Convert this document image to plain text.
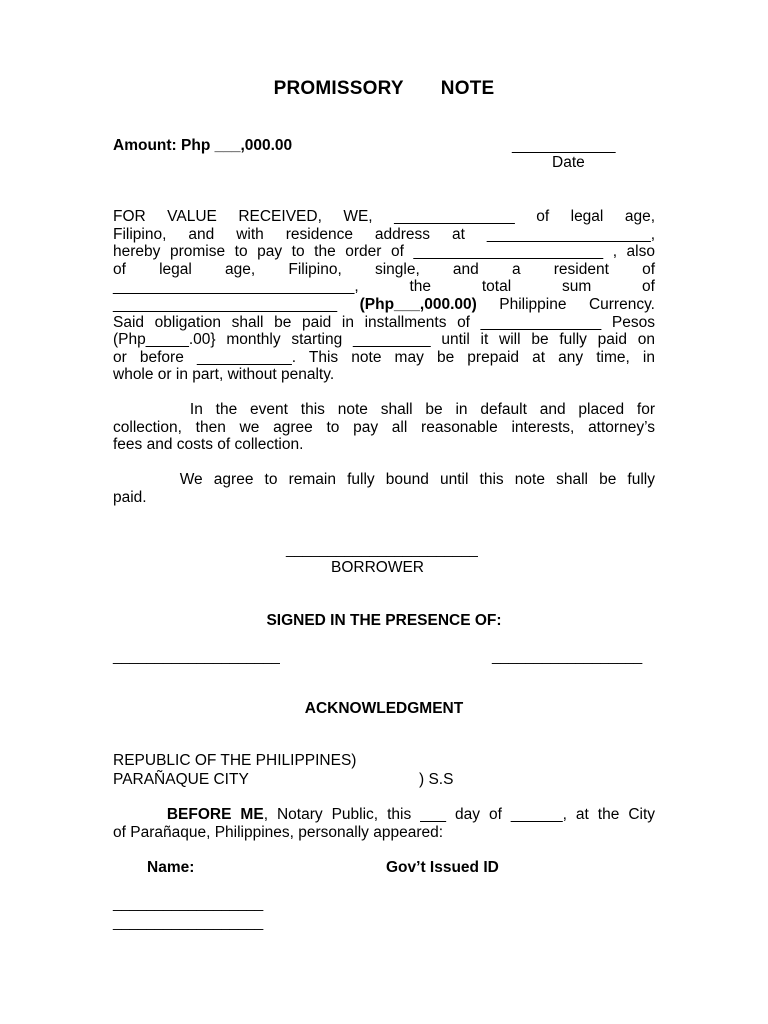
PROMISSORY   NOTE
Amount: Php ___,000.00	____________
Date
FOR VALUE RECEIVED, WE, ______________ of legal age,
Filipino, and with residence address at ___________________,
hereby promise to pay to the order of ______________________ , also
of legal age, Filipino, single, and a resident of
____________________________, the total sum of
__________________________ (Php___,000.00) Philippine Currency.
Said obligation shall be paid in installments of ______________ Pesos
(Php_____.00} monthly starting _________ until it will be fully paid on
or before ___________. This note may be prepaid at any time, in
whole or in part, without penalty.
In the event this note shall be in default and placed for
collection, then we agree to pay all reasonable interests, attorney’s
fees and costs of collection.
We agree to remain fully bound until this note shall be fully
paid.
_______________________
BORROWER
SIGNED IN THE PRESENCE OF:
____________________	__________________
ACKNOWLEDGMENT
REPUBLIC OF THE PHILIPPINES)
PARAÑAQUE CITY	) S.S
BEFORE ME, Notary Public, this ___ day of ______, at the City
of Parañaque, Philippines, personally appeared:
Name:	Gov’t Issued ID
__________________
__________________
